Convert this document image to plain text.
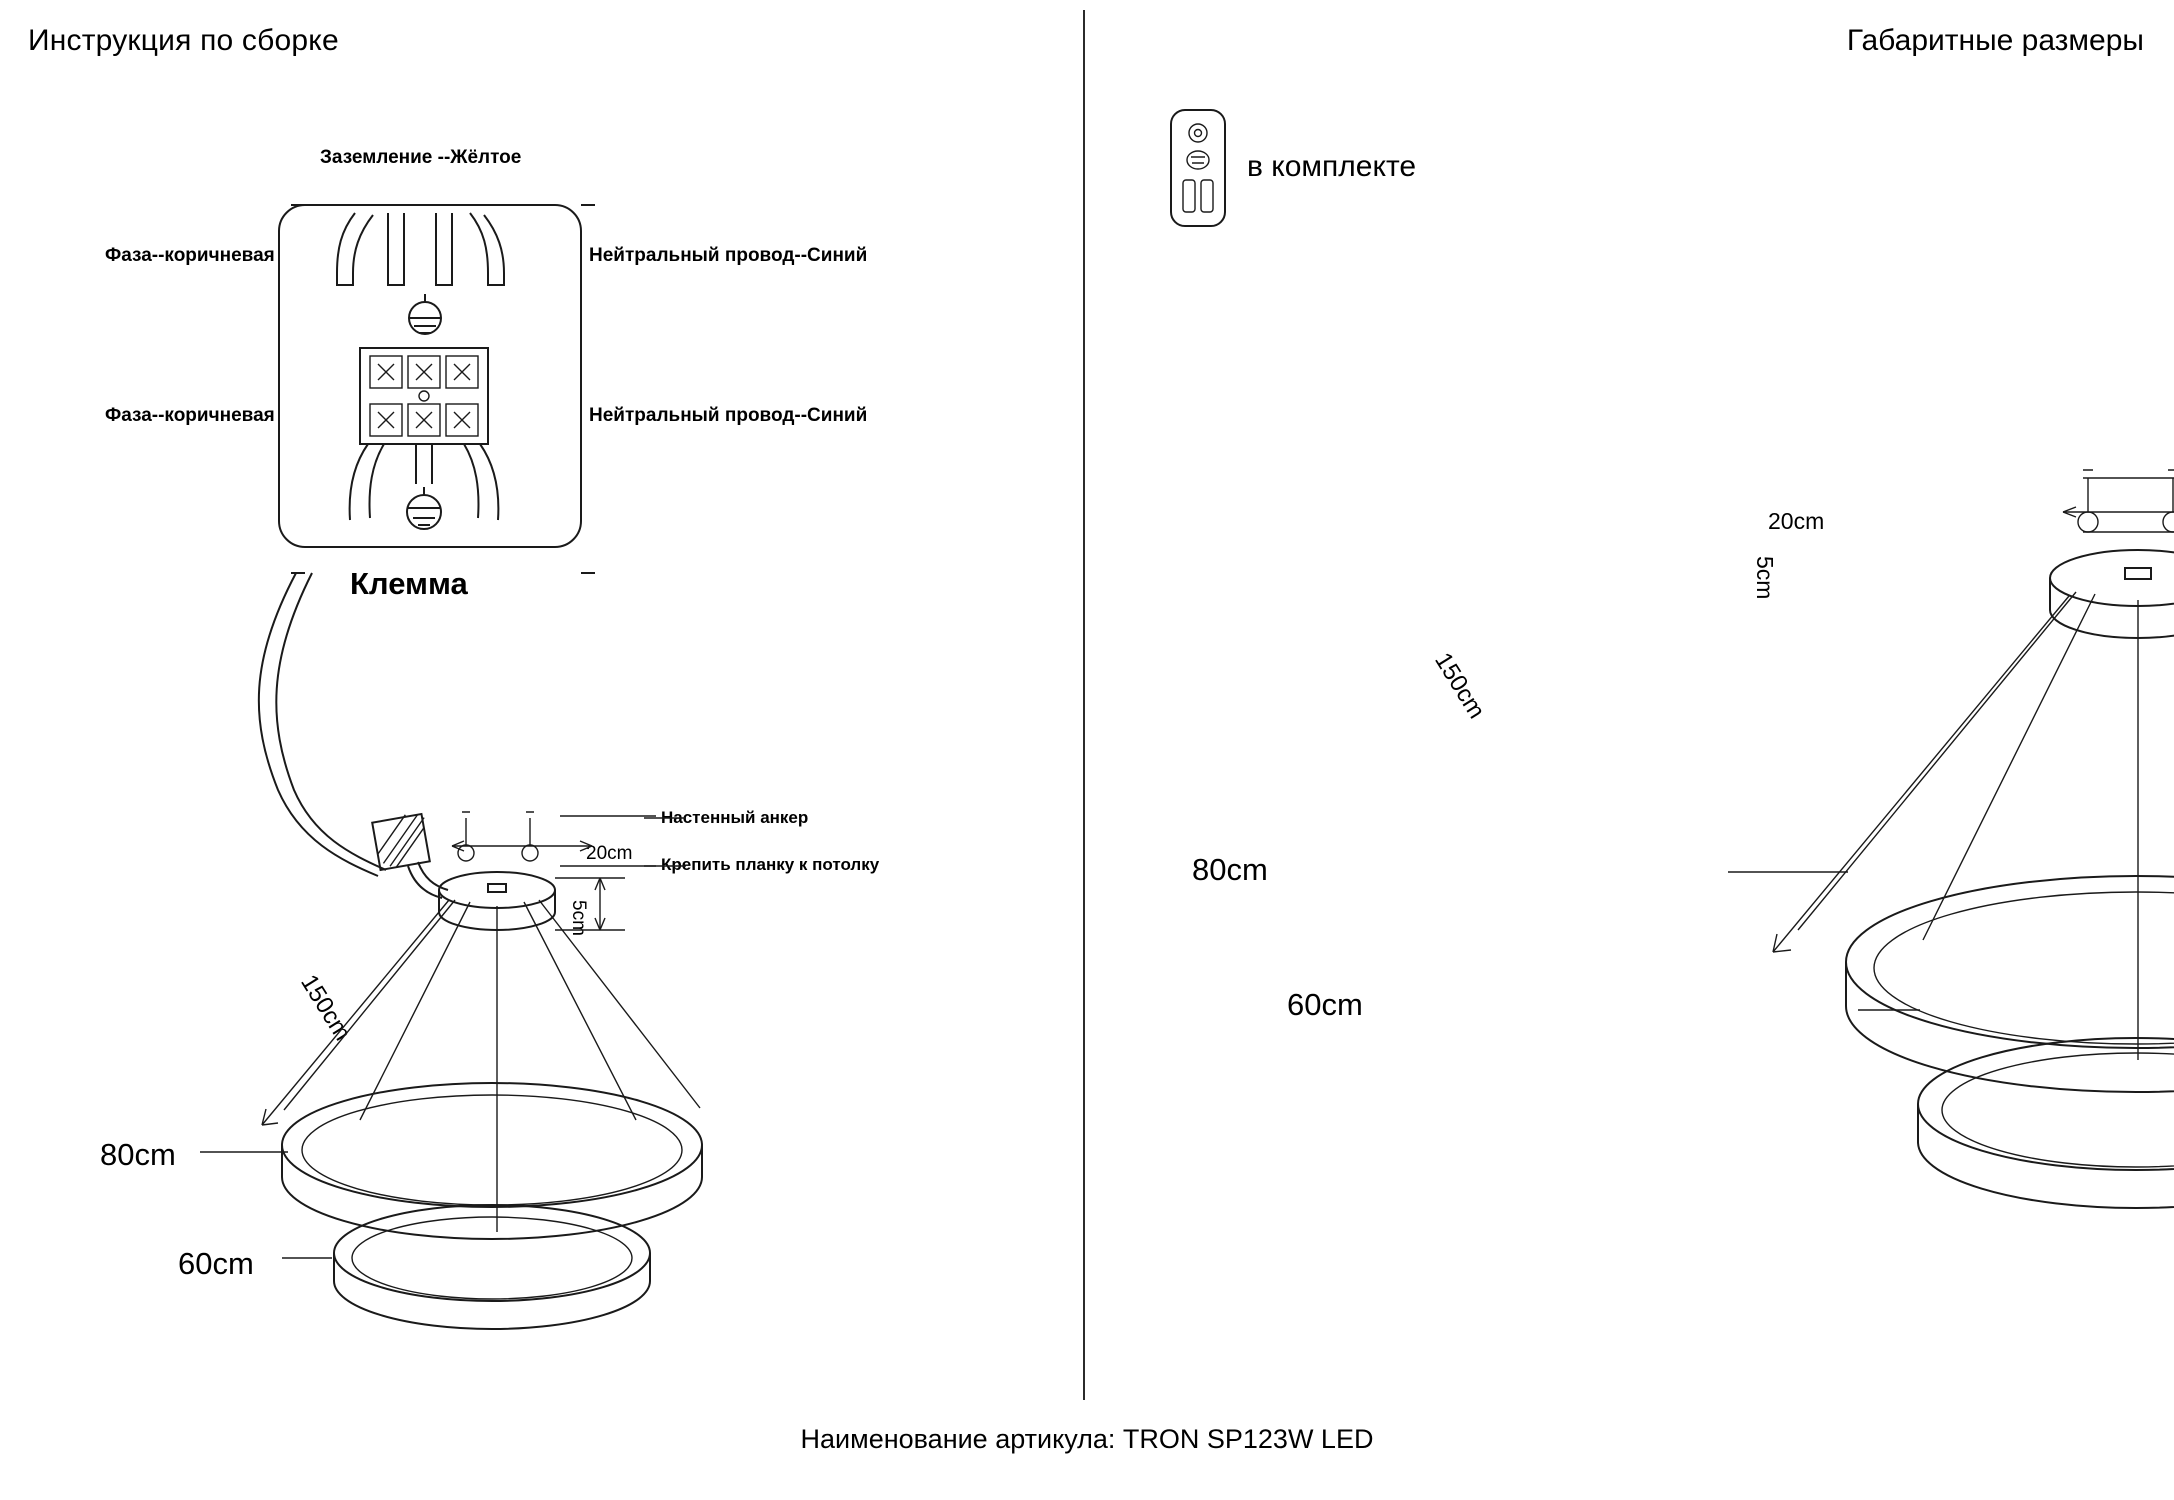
Инструкция по сборке	Габаритные размеры
Заземление --Жёлтое
Фаза--коричневая	Нейтральный провод--Синий
Фаза--коричневая	Нейтральный провод--Синий
Клемма
Настенный анкер
Крепить планку к потолку
20cm
80cm
60cm
5cm
150cm
в комплекте
80cm
60cm
20cm
5cm
150cm
Наименование артикула: TRON SP123W LED
